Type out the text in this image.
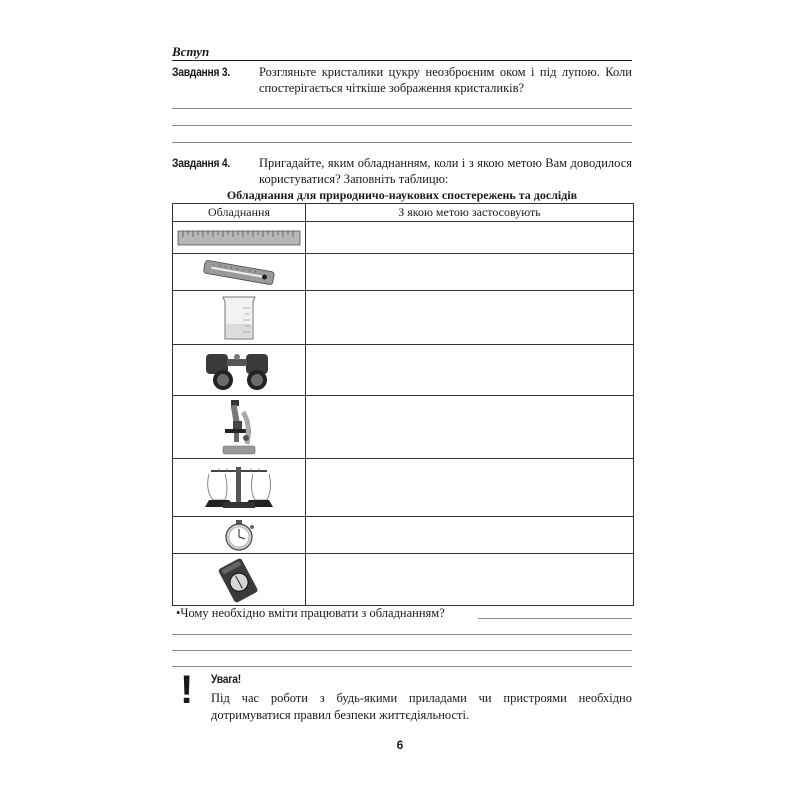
Вступ
Завдання 3. Розгляньте кристалики цукру неозброєним оком і під лупою. Коли спостерігається чіткіше зображення кристаликів?
Завдання 4. Пригадайте, яким обладнанням, коли і з якою метою Вам доводилося користуватися? Заповніть таблицю:
Обладнання для природничо-наукових спостережень та дослідів
Обладнання	З якою метою застосовують

•Чому необхідно вміти працювати з обладнанням?
! Увага!
Під час роботи з будь-якими приладами чи пристроями необхідно дотримуватися правил безпеки життєдіяльності.
6
